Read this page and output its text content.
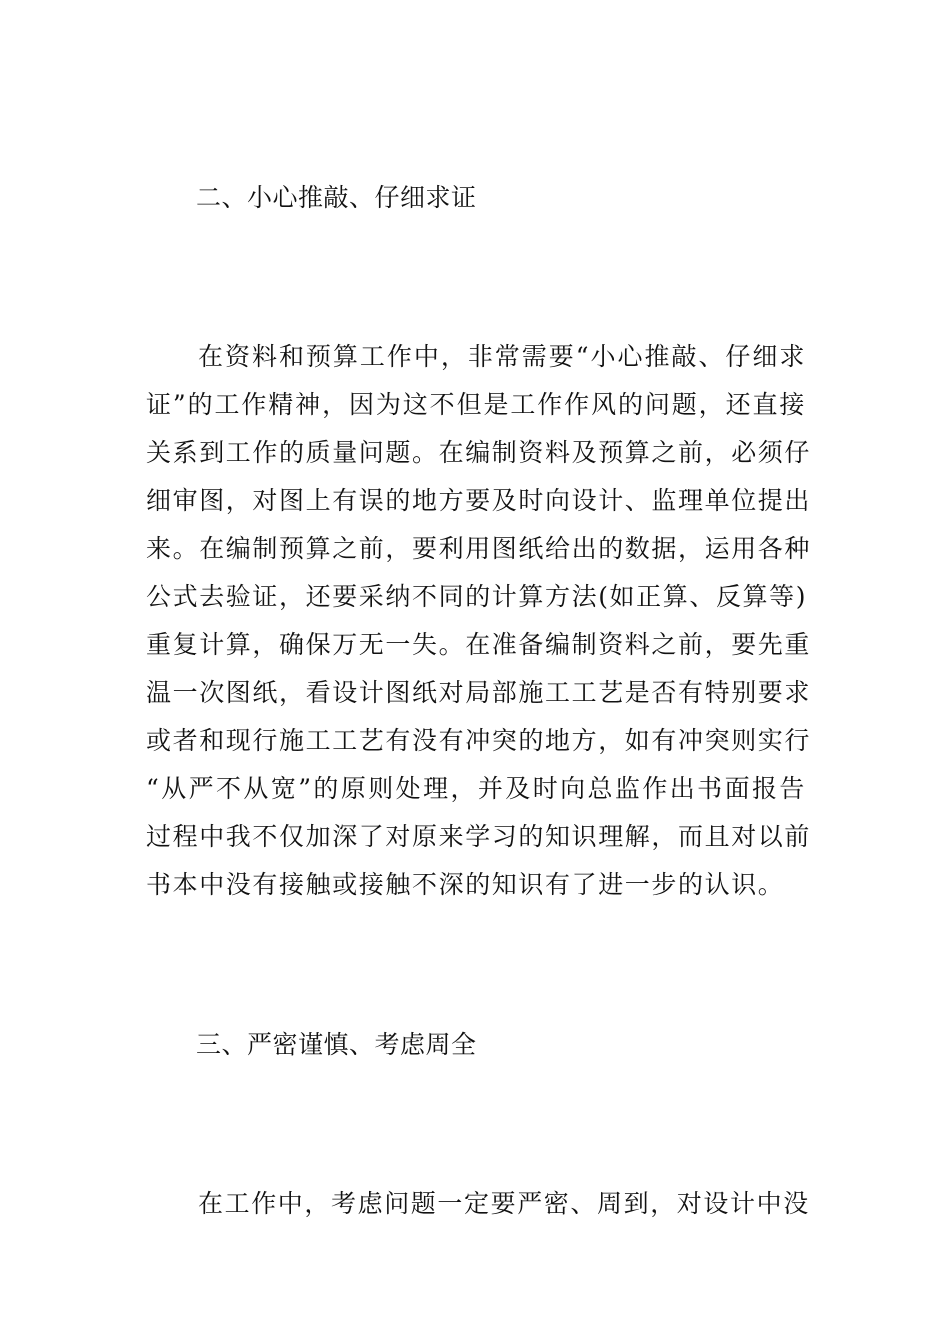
二、小心推敲、仔细求证
在资料和预算工作中，非常需要“小心推敲、仔细求
证”的工作精神，因为这不但是工作作风的问题，还直接
关系到工作的质量问题。在编制资料及预算之前，必须仔
细审图，对图上有误的地方要及时向设计、监理单位提出
来。在编制预算之前，要利用图纸给出的数据，运用各种
公式去验证，还要采纳不同的计算方法(如正算、反算等)
重复计算，确保万无一失。在准备编制资料之前，要先重
温一次图纸，看设计图纸对局部施工工艺是否有特别要求
或者和现行施工工艺有没有冲突的地方，如有冲突则实行
“从严不从宽”的原则处理，并及时向总监作出书面报告
过程中我不仅加深了对原来学习的知识理解，而且对以前
书本中没有接触或接触不深的知识有了进一步的认识。
三、严密谨慎、考虑周全
在工作中，考虑问题一定要严密、周到，对设计中没
